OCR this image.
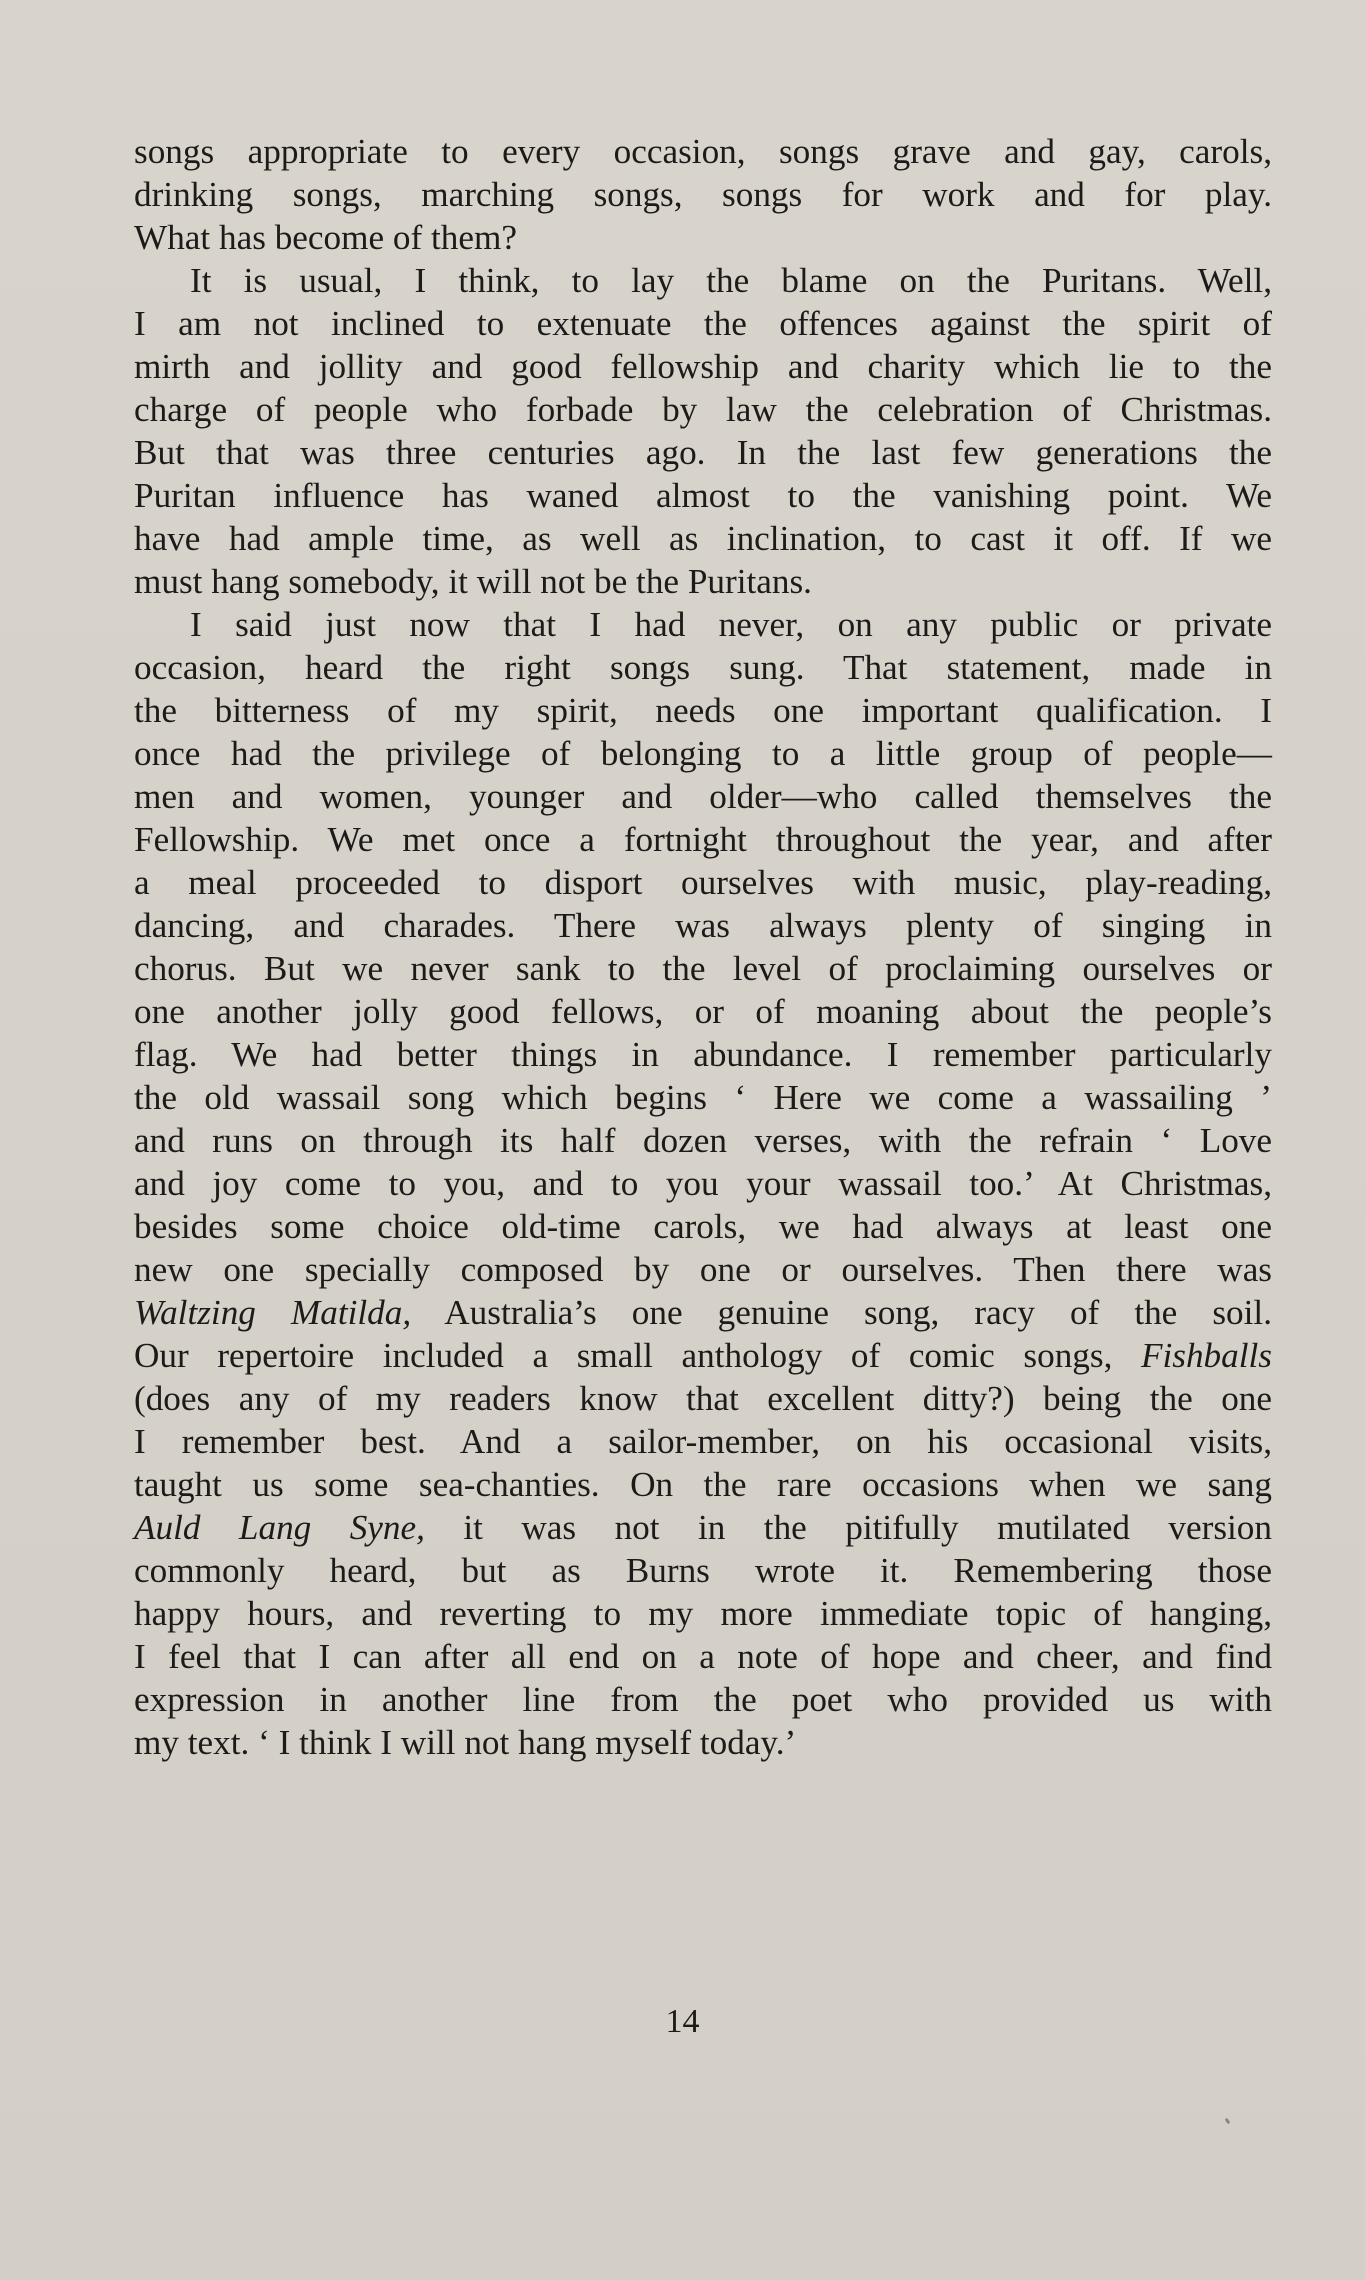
songs appropriate to every occasion, songs grave and gay, carols,
drinking songs, marching songs, songs for work and for play.
What has become of them?
It is usual, I think, to lay the blame on the Puritans. Well,
I am not inclined to extenuate the offences against the spirit of
mirth and jollity and good fellowship and charity which lie to the
charge of people who forbade by law the celebration of Christmas.
But that was three centuries ago. In the last few generations the
Puritan influence has waned almost to the vanishing point. We
have had ample time, as well as inclination, to cast it off. If we
must hang somebody, it will not be the Puritans.
I said just now that I had never, on any public or private
occasion, heard the right songs sung. That statement, made in
the bitterness of my spirit, needs one important qualification. I
once had the privilege of belonging to a little group of people—
men and women, younger and older—who called themselves the
Fellowship. We met once a fortnight throughout the year, and after
a meal proceeded to disport ourselves with music, play-reading,
dancing, and charades. There was always plenty of singing in
chorus. But we never sank to the level of proclaiming ourselves or
one another jolly good fellows, or of moaning about the people’s
flag. We had better things in abundance. I remember particularly
the old wassail song which begins ‘ Here we come a wassailing ’
and runs on through its half dozen verses, with the refrain ‘ Love
and joy come to you, and to you your wassail too.’ At Christmas,
besides some choice old-time carols, we had always at least one
new one specially composed by one or ourselves. Then there was
Waltzing Matilda, Australia’s one genuine song, racy of the soil.
Our repertoire included a small anthology of comic songs, Fishballs
(does any of my readers know that excellent ditty?) being the one
I remember best. And a sailor-member, on his occasional visits,
taught us some sea-chanties. On the rare occasions when we sang
Auld Lang Syne, it was not in the pitifully mutilated version
commonly heard, but as Burns wrote it. Remembering those
happy hours, and reverting to my more immediate topic of hanging,
I feel that I can after all end on a note of hope and cheer, and find
expression in another line from the poet who provided us with
my text. ‘ I think I will not hang myself today.’
14
